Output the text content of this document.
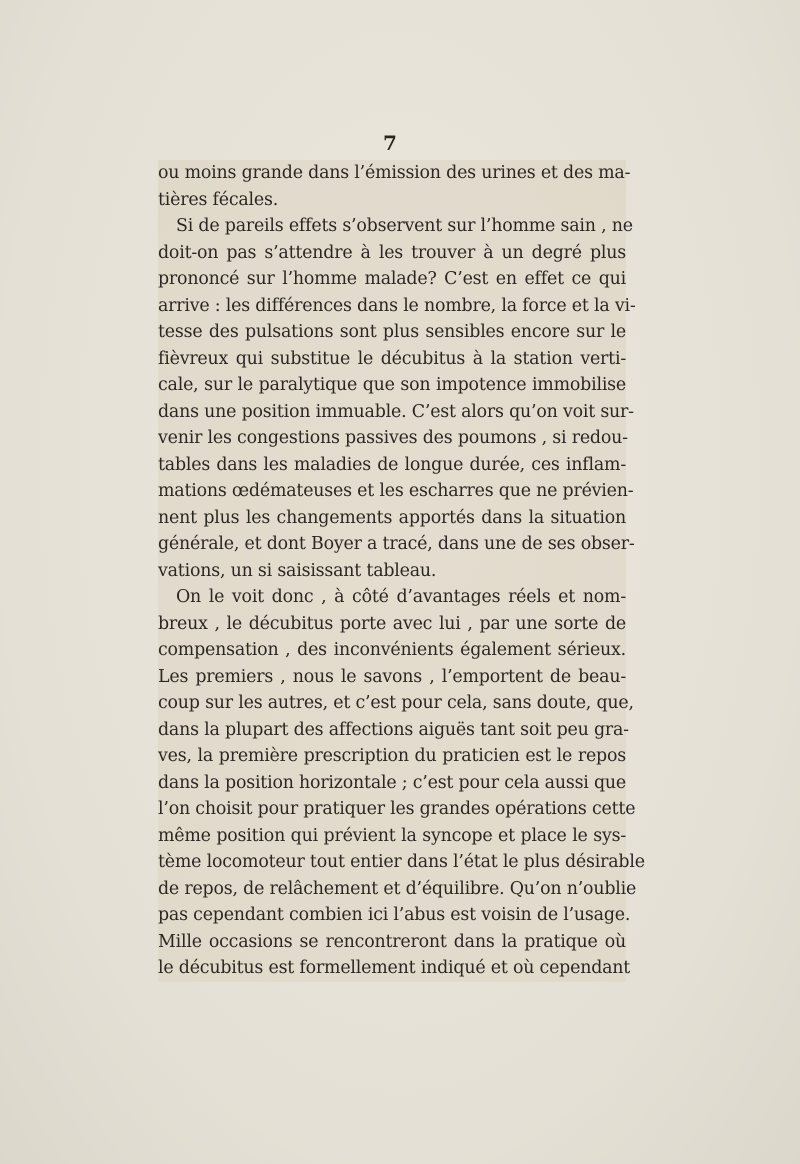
7
ou moins grande dans l’émission des urines et des ma-
tières fécales.
Si de pareils effets s’observent sur l’homme sain , ne
doit-on pas s’attendre à les trouver à un degré plus
prononcé sur l’homme malade? C’est en effet ce qui
arrive : les différences dans le nombre, la force et la vi-
tesse des pulsations sont plus sensibles encore sur le
fièvreux qui substitue le décubitus à la station verti-
cale, sur le paralytique que son impotence immobilise
dans une position immuable. C’est alors qu’on voit sur-
venir les congestions passives des poumons , si redou-
tables dans les maladies de longue durée, ces inflam-
mations œdémateuses et les escharres que ne prévien-
nent plus les changements apportés dans la situation
générale, et dont Boyer a tracé, dans une de ses obser-
vations, un si saisissant tableau.
On le voit donc , à côté d’avantages réels et nom-
breux , le décubitus porte avec lui , par une sorte de
compensation , des inconvénients également sérieux.
Les premiers , nous le savons , l’emportent de beau-
coup sur les autres, et c’est pour cela, sans doute, que,
dans la plupart des affections aiguës tant soit peu gra-
ves, la première prescription du praticien est le repos
dans la position horizontale ; c’est pour cela aussi que
l’on choisit pour pratiquer les grandes opérations cette
même position qui prévient la syncope et place le sys-
tème locomoteur tout entier dans l’état le plus désirable
de repos, de relâchement et d’équilibre. Qu’on n’oublie
pas cependant combien ici l’abus est voisin de l’usage.
Mille occasions se rencontreront dans la pratique où
le décubitus est formellement indiqué et où cependant
